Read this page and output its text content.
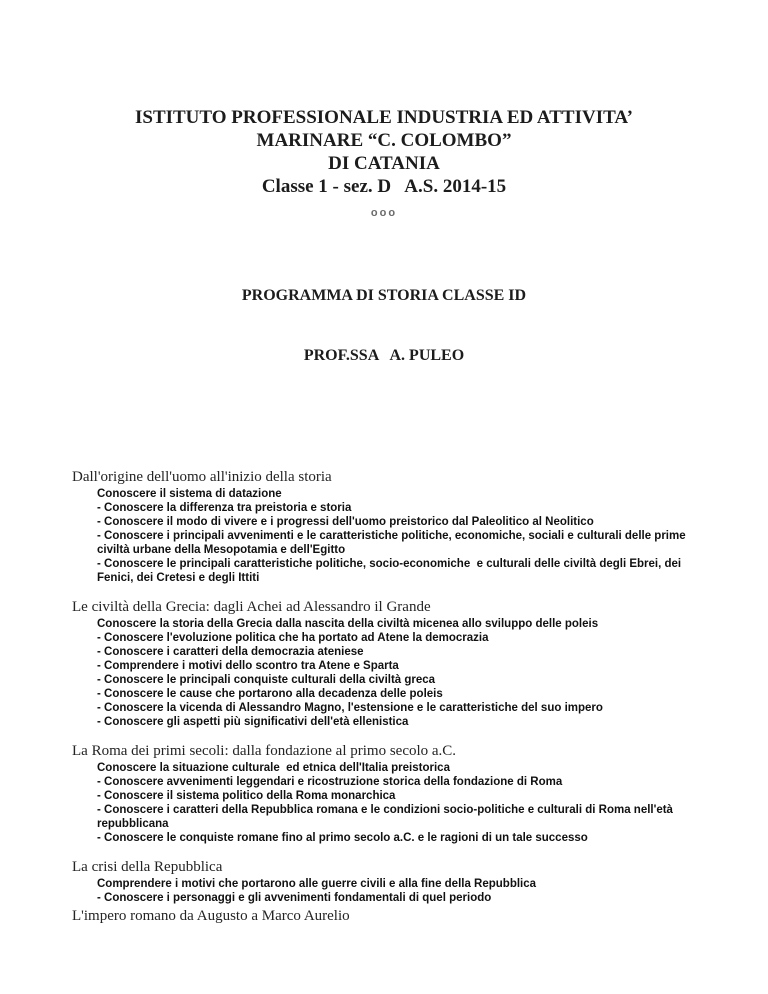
ISTITUTO PROFESSIONALE INDUSTRIA ED ATTIVITA’
MARINARE “C. COLOMBO”
DI CATANIA
Classe 1 - sez. D   A.S. 2014-15
ooo

PROGRAMMA DI STORIA CLASSE ID

PROF.SSA   A. PULEO

Dall'origine dell'uomo all'inizio della storia
Conoscere il sistema di datazione
- Conoscere la differenza tra preistoria e storia
- Conoscere il modo di vivere e i progressi dell'uomo preistorico dal Paleolitico al Neolitico
- Conoscere i principali avvenimenti e le caratteristiche politiche, economiche, sociali e culturali delle prime civiltà urbane della Mesopotamia e dell'Egitto
- Conoscere le principali caratteristiche politiche, socio-economiche  e culturali delle civiltà degli Ebrei, dei Fenici, dei Cretesi e degli Ittiti
Le civiltà della Grecia: dagli Achei ad Alessandro il Grande
Conoscere la storia della Grecia dalla nascita della civiltà micenea allo sviluppo delle poleis
- Conoscere l'evoluzione politica che ha portato ad Atene la democrazia
- Conoscere i caratteri della democrazia ateniese
- Comprendere i motivi dello scontro tra Atene e Sparta
- Conoscere le principali conquiste culturali della civiltà greca
- Conoscere le cause che portarono alla decadenza delle poleis
- Conoscere la vicenda di Alessandro Magno, l'estensione e le caratteristiche del suo impero
- Conoscere gli aspetti più significativi dell'età ellenistica
La Roma dei primi secoli: dalla fondazione al primo secolo a.C.
Conoscere la situazione culturale  ed etnica dell'Italia preistorica
- Conoscere avvenimenti leggendari e ricostruzione storica della fondazione di Roma
- Conoscere il sistema politico della Roma monarchica
- Conoscere i caratteri della Repubblica romana e le condizioni socio-politiche e culturali di Roma nell'età repubblicana
- Conoscere le conquiste romane fino al primo secolo a.C. e le ragioni di un tale successo
La crisi della Repubblica
Comprendere i motivi che portarono alle guerre civili e alla fine della Repubblica
- Conoscere i personaggi e gli avvenimenti fondamentali di quel periodo
L'impero romano da Augusto a Marco Aurelio
